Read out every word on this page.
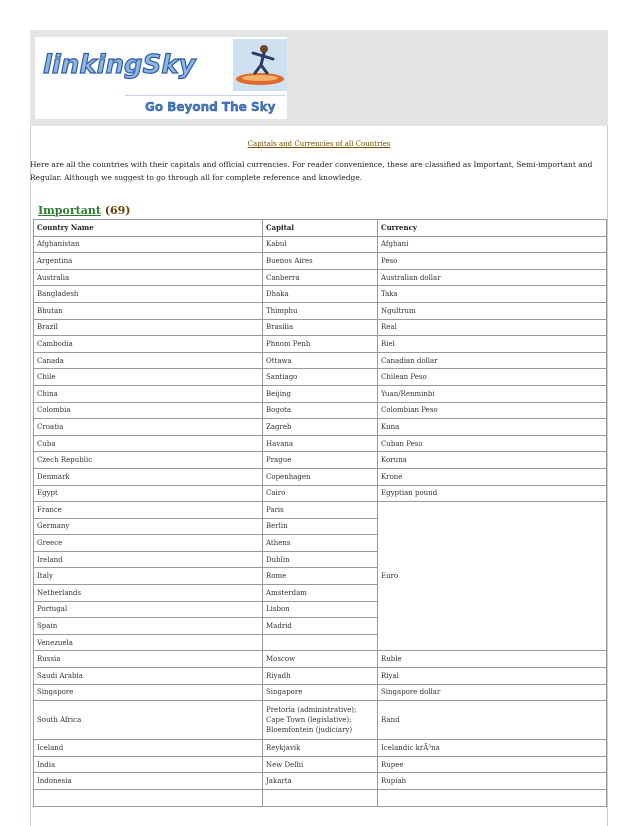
linkingSky
Go Beyond The Sky
Capitals and Currencies of all Countries
Here are all the countries with their capitals and official currencies. For reader convenience, these are classified as Important, Semi-important and Regular. Although we suggest to go through all for complete reference and knowledge.
Important (69)
Country Name	Capital	Currency
Afghanistan	Kabul	Afghani
Argentina	Buenos Aires	Peso
Australia	Canberra	Australian dollar
Bangladesh	Dhaka	Taka
Bhutan	Thimphu	Ngultrum
Brazil	Brasilia	Real
Cambodia	Phnom Penh	Riel
Canada	Ottawa	Canadian dollar
Chile	Santiago	Chilean Peso
China	Beijing	Yuan/Renminbi
Colombia	Bogota	Colombian Peso
Croatia	Zagreb	Kuna
Cuba	Havana	Cuban Peso
Czech Republic	Prague	Koruna
Denmark	Copenhagen	Krone
Egypt	Cairo	Egyptian pound
France	Paris	Euro
Germany	Berlin	
Greece	Athens	
Ireland	Dublin	
Italy	Rome	
Netherlands	Amsterdam	
Portugal	Lisbon	
Spain	Madrid	
Venezuela		
Russia	Moscow	Ruble
Saudi Arabia	Riyadh	Riyal
Singapore	Singapore	Singapore dollar
South Africa	Pretoria (administrative);
Cape Town (legislative);
Bloemfontein (judiciary)	Rand
Iceland	Reykjavik	Icelandic krÃ³na
India	New Delhi	Rupee
Indonesia	Jakarta	Rupiah
